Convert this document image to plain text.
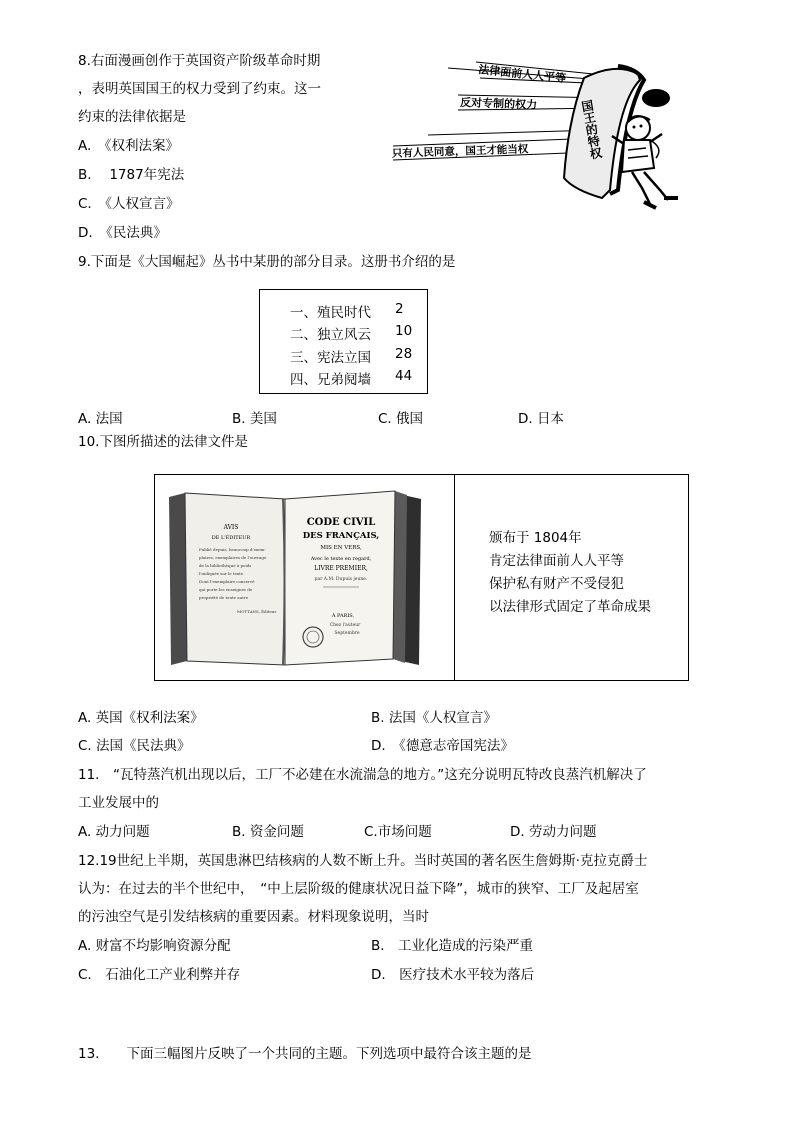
8.右面漫画创作于英国资产阶级革命时期
，表明英国国王的权力受到了约束。这一
约束的法律依据是
A.　《权利法案》
B.　 1787年宪法
C.　《人权宣言》
D.　《民法典》
法律面前人人平等
反对专制的权力
只有人民同意，国王才能当权	国王的特权
9.下面是《大国崛起》丛书中某册的部分目录。这册书介绍的是
一、殖民时代 2
二、独立风云 10
三、宪法立国 28
四、兄弟阋墙 44
A. 法国	B. 美国	C. 俄国	D. 日本
10.下图所描述的法律文件是
AVIS
DE L'ÉDITEUR
Publié depuis, beaucoup d'exem-
plaires, exemplaires de l'ouvrage
de la bibliothèque à poids
l'indiquée sur le texte
Dont l'exemplaire conservé
qui porte les enseignes de
propriété de toute autre
MOTTANS, Éditeur
CODE CIVIL
DES FRANÇAIS,
MIS EN VERS,
Avec le texte en regard,
LIVRE PREMIER,
par A.M. Dupuis jeune.
À PARIS,
Chez l'auteur
Septembre
颁布于 1804年
肯定法律面前人人平等
保护私有财产不受侵犯
以法律形式固定了革命成果
A. 英国《权利法案》	B. 法国《人权宣言》
C. 法国《民法典》	D.　《德意志帝国宪法》
11.　“瓦特蒸汽机出现以后，工厂不必建在水流湍急的地方。”这充分说明瓦特改良蒸汽机解决了
工业发展中的
A. 动力问题	B. 资金问题	C.市场问题	D. 劳动力问题
12.19世纪上半期，英国患淋巴结核病的人数不断上升。当时英国的著名医生詹姆斯·克拉克爵士
认为：在过去的半个世纪中，　“中上层阶级的健康状况日益下降”，城市的狭窄、工厂及起居室
的污浊空气是引发结核病的重要因素。材料现象说明，当时
A. 财富不均影响资源分配	B.　工业化造成的污染严重
C.　石油化工产业利弊并存	D.　医疗技术水平较为落后
13.　　下面三幅图片反映了一个共同的主题。下列选项中最符合该主题的是
